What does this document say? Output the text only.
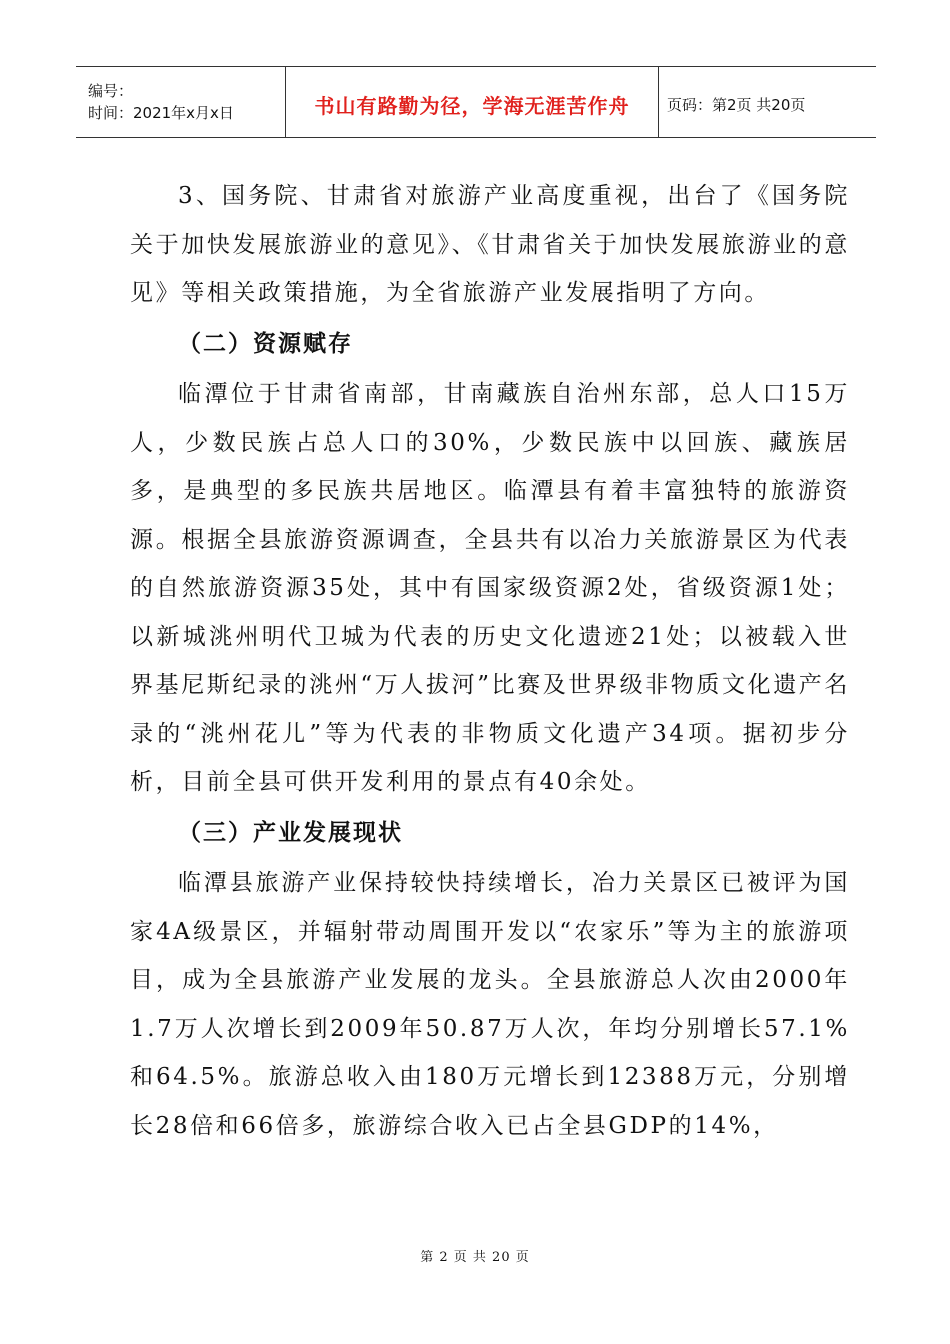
编号：
时间：2021年x月x日	书山有路勤为径，学海无涯苦作舟	页码：第2页 共20页

3、国务院、甘肃省对旅游产业高度重视，出台了《国务院关于加快发展旅游业的意见》、《甘肃省关于加快发展旅游业的意见》等相关政策措施，为全省旅游产业发展指明了方向。

（二）资源赋存

临潭位于甘肃省南部，甘南藏族自治州东部，总人口15万人，少数民族占总人口的30%，少数民族中以回族、藏族居多，是典型的多民族共居地区。临潭县有着丰富独特的旅游资源。根据全县旅游资源调查，全县共有以冶力关旅游景区为代表的自然旅游资源35处，其中有国家级资源2处，省级资源1处；以新城洮州明代卫城为代表的历史文化遗迹21处；以被载入世界基尼斯纪录的洮州“万人拔河”比赛及世界级非物质文化遗产名录的“洮州花儿”等为代表的非物质文化遗产34项。据初步分析，目前全县可供开发利用的景点有40余处。

（三）产业发展现状

临潭县旅游产业保持较快持续增长，冶力关景区已被评为国家4A级景区，并辐射带动周围开发以“农家乐”等为主的旅游项目，成为全县旅游产业发展的龙头。全县旅游总人次由2000年1.7万人次增长到2009年50.87万人次，年均分别增长57.1%和64.5%。旅游总收入由180万元增长到12388万元，分别增长28倍和66倍多，旅游综合收入已占全县GDP的14%，

第 2 页 共 20 页
